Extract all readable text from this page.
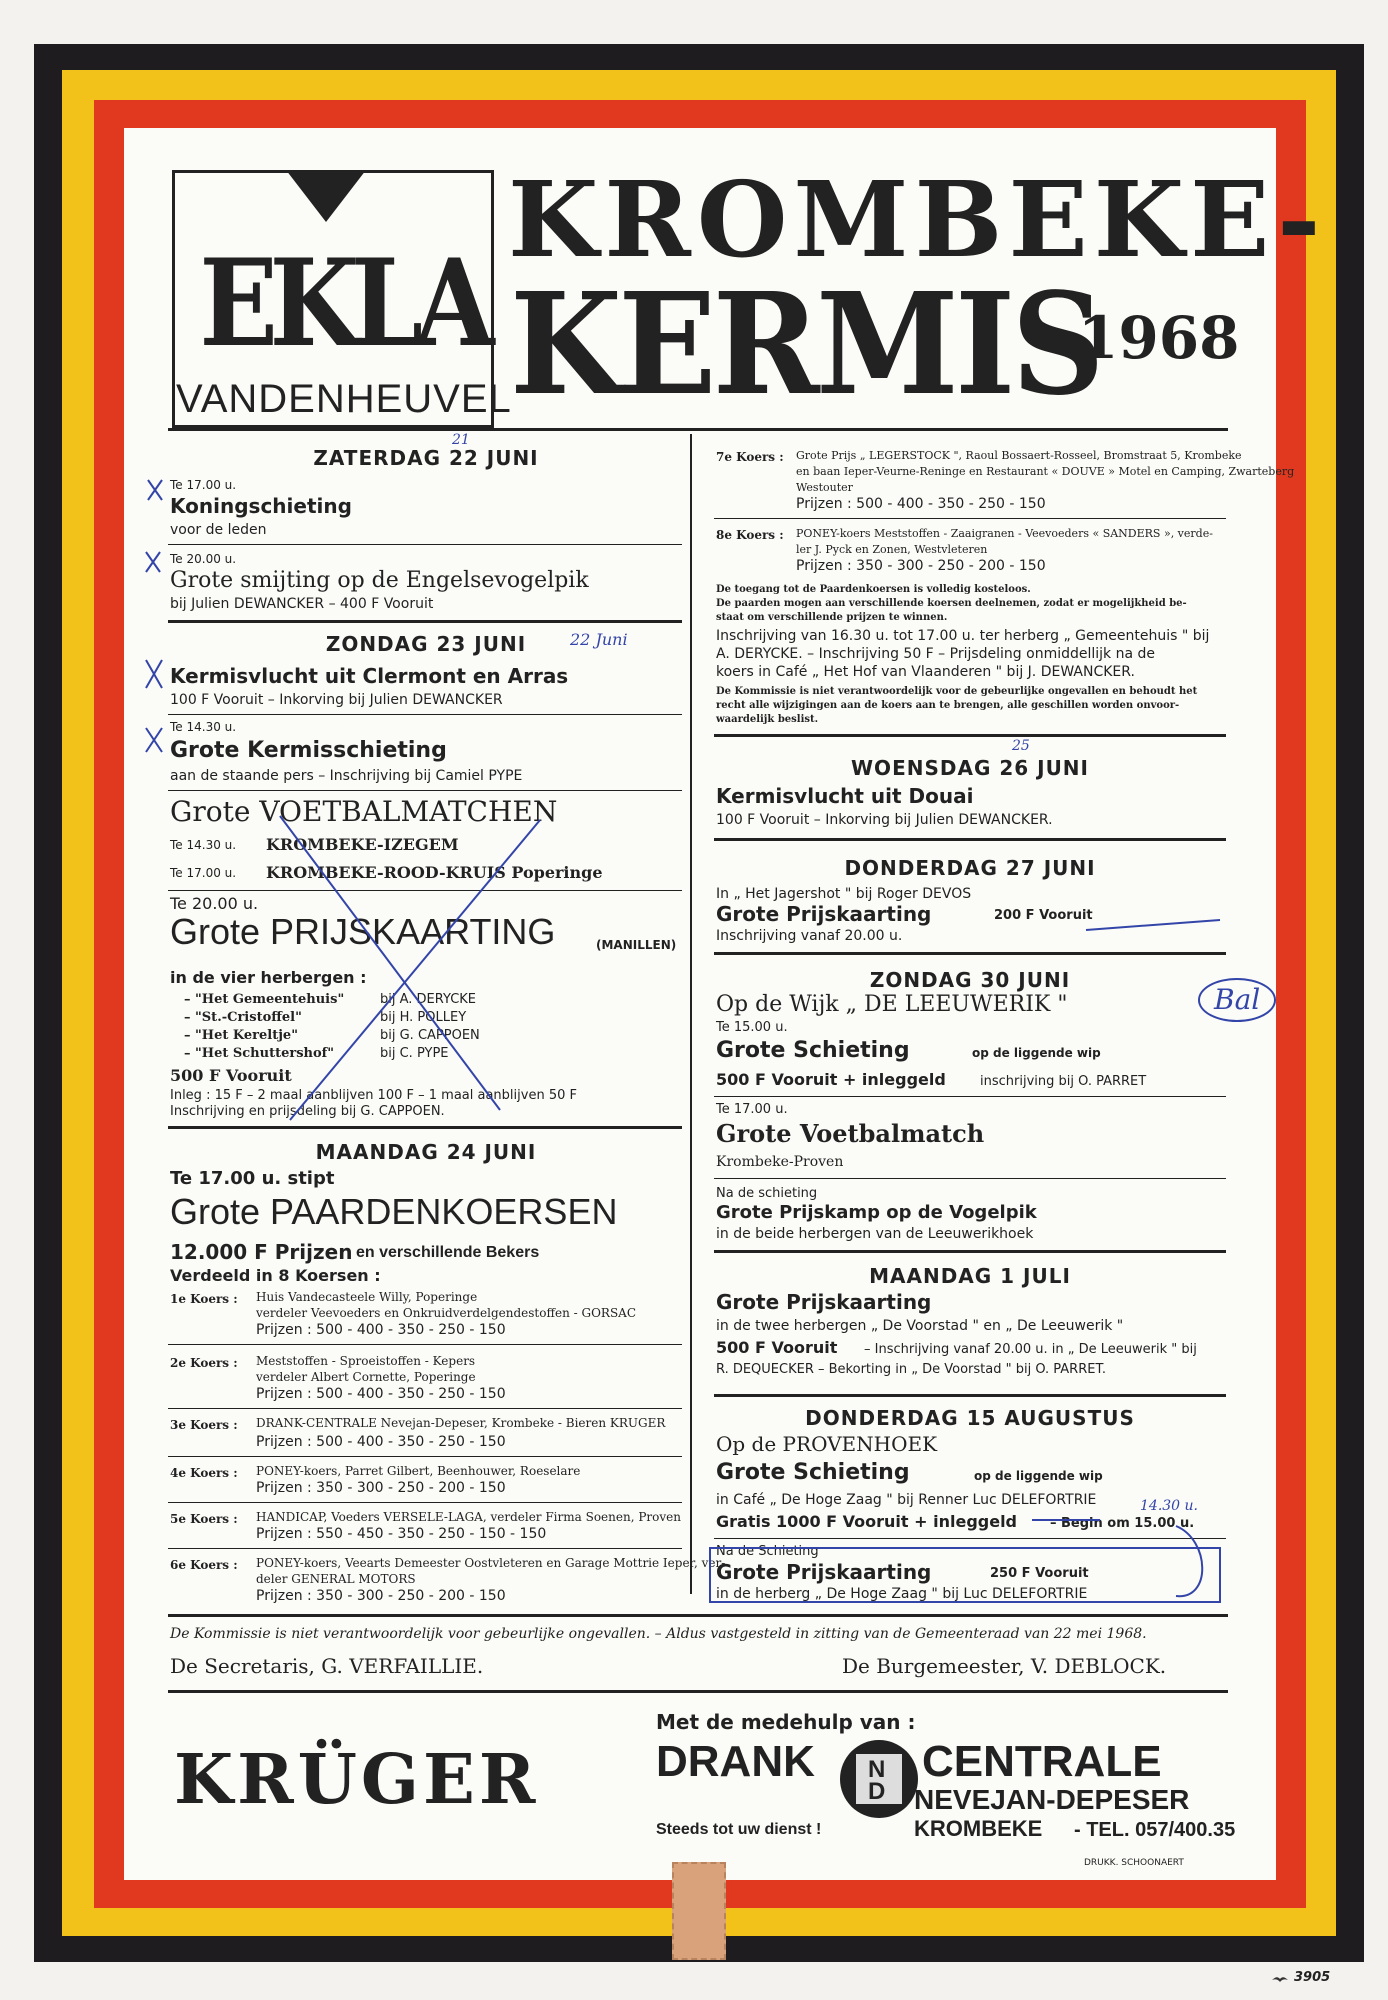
EKLA
VANDENHEUVEL
KROMBEKE-
KERMIS
1968
ZATERDAG 22 JUNI
Te 17.00 u.
Koningschieting
voor de leden
Te 20.00 u.
Grote smijting op de Engelsevogelpik
bij Julien DEWANCKER – 400 F Vooruit
ZONDAG 23 JUNI
Kermisvlucht uit Clermont en Arras
100 F Vooruit – Inkorving bij Julien DEWANCKER
Te 14.30 u.
Grote Kermisschieting
aan de staande pers – Inschrijving bij Camiel PYPE
Grote VOETBALMATCHEN
Te 14.30 u. KROMBEKE-IZEGEM
Te 17.00 u. KROMBEKE-ROOD-KRUIS Poperinge
Te 20.00 u.
Grote PRIJSKAARTING	(MANILLEN)
in de vier herbergen :
– "Het Gemeentehuis"	bij A. DERYCKE
– "St.-Cristoffel"	bij H. POLLEY
– "Het Kereltje"	bij G. CAPPOEN
– "Het Schuttershof"	bij C. PYPE
500 F Vooruit
Inleg : 15 F – 2 maal aanblijven 100 F – 1 maal aanblijven 50 F
Inschrijving en prijsdeling bij G. CAPPOEN.
MAANDAG 24 JUNI
Te 17.00 u. stipt
Grote PAARDENKOERSEN
12.000 F Prijzen en verschillende Bekers
Verdeeld in 8 Koersen :
1e Koers : Huis Vandecasteele Willy, Poperinge
verdeler Veevoeders en Onkruidverdelgendestoffen - GORSAC
Prijzen : 500 - 400 - 350 - 250 - 150
2e Koers : Meststoffen - Sproeistoffen - Kepers
verdeler Albert Cornette, Poperinge
Prijzen : 500 - 400 - 350 - 250 - 150
3e Koers : DRANK-CENTRALE Nevejan-Depeser, Krombeke - Bieren KRUGER
Prijzen : 500 - 400 - 350 - 250 - 150
4e Koers : PONEY-koers, Parret Gilbert, Beenhouwer, Roeselare
Prijzen : 350 - 300 - 250 - 200 - 150
5e Koers : HANDICAP, Voeders VERSELE-LAGA, verdeler Firma Soenen, Proven
Prijzen : 550 - 450 - 350 - 250 - 150 - 150
6e Koers : PONEY-koers, Veearts Demeester Oostvleteren en Garage Mottrie Ieper, ver-
deler GENERAL MOTORS
Prijzen : 350 - 300 - 250 - 200 - 150
7e Koers : Grote Prijs „ LEGERSTOCK ", Raoul Bossaert-Rosseel, Bromstraat 5, Krombeke
en baan Ieper-Veurne-Reninge en Restaurant « DOUVE » Motel en Camping, Zwarteberg
Westouter
Prijzen : 500 - 400 - 350 - 250 - 150
8e Koers : PONEY-koers Meststoffen - Zaaigranen - Veevoeders « SANDERS », verde-
ler J. Pyck en Zonen, Westvleteren
Prijzen : 350 - 300 - 250 - 200 - 150
De toegang tot de Paardenkoersen is volledig kosteloos.
De paarden mogen aan verschillende koersen deelnemen, zodat er mogelijkheid be-
staat om verschillende prijzen te winnen.
Inschrijving van 16.30 u. tot 17.00 u. ter herberg „ Gemeentehuis " bij
A. DERYCKE. – Inschrijving 50 F – Prijsdeling onmiddellijk na de
koers in Café „ Het Hof van Vlaanderen " bij J. DEWANCKER.
De Kommissie is niet verantwoordelijk voor de gebeurlijke ongevallen en behoudt het
recht alle wijzigingen aan de koers aan te brengen, alle geschillen worden onvoor-
waardelijk beslist.
WOENSDAG 26 JUNI
Kermisvlucht uit Douai
100 F Vooruit – Inkorving bij Julien DEWANCKER.
DONDERDAG 27 JUNI
In „ Het Jagershot " bij Roger DEVOS
Grote Prijskaarting	200 F Vooruit
Inschrijving vanaf 20.00 u.
ZONDAG 30 JUNI
Op de Wijk „ DE LEEUWERIK "
Te 15.00 u.
Grote Schieting	op de liggende wip
500 F Vooruit + inleggeld	inschrijving bij O. PARRET
Te 17.00 u.
Grote Voetbalmatch
Krombeke-Proven
Na de schieting
Grote Prijskamp op de Vogelpik
in de beide herbergen van de Leeuwerikhoek
MAANDAG 1 JULI
Grote Prijskaarting
in de twee herbergen „ De Voorstad " en „ De Leeuwerik "
500 F Vooruit – Inschrijving vanaf 20.00 u. in „ De Leeuwerik " bij
R. DEQUECKER – Bekorting in „ De Voorstad " bij O. PARRET.
DONDERDAG 15 AUGUSTUS
Op de PROVENHOEK
Grote Schieting	op de liggende wip
in Café „ De Hoge Zaag " bij Renner Luc DELEFORTRIE
Gratis 1000 F Vooruit + inleggeld	– Begin om 15.00 u.
Na de Schieting
Grote Prijskaarting	250 F Vooruit
in de herberg „ De Hoge Zaag " bij Luc DELEFORTRIE
De Kommissie is niet verantwoordelijk voor gebeurlijke ongevallen. – Aldus vastgesteld in zitting van de Gemeenteraad van 22 mei 1968.
De Secretaris, G. VERFAILLIE.	De Burgemeester, V. DEBLOCK.
KRÜGER
Met de medehulp van :
DRANK N
D
CENTRALE
NEVEJAN-DEPESER
Steeds tot uw dienst !	KROMBEKE - TEL. 057/400.35
DRUKK. SCHOONAERT
3905
21
22 Juni
25
Bal
14.30 u.
